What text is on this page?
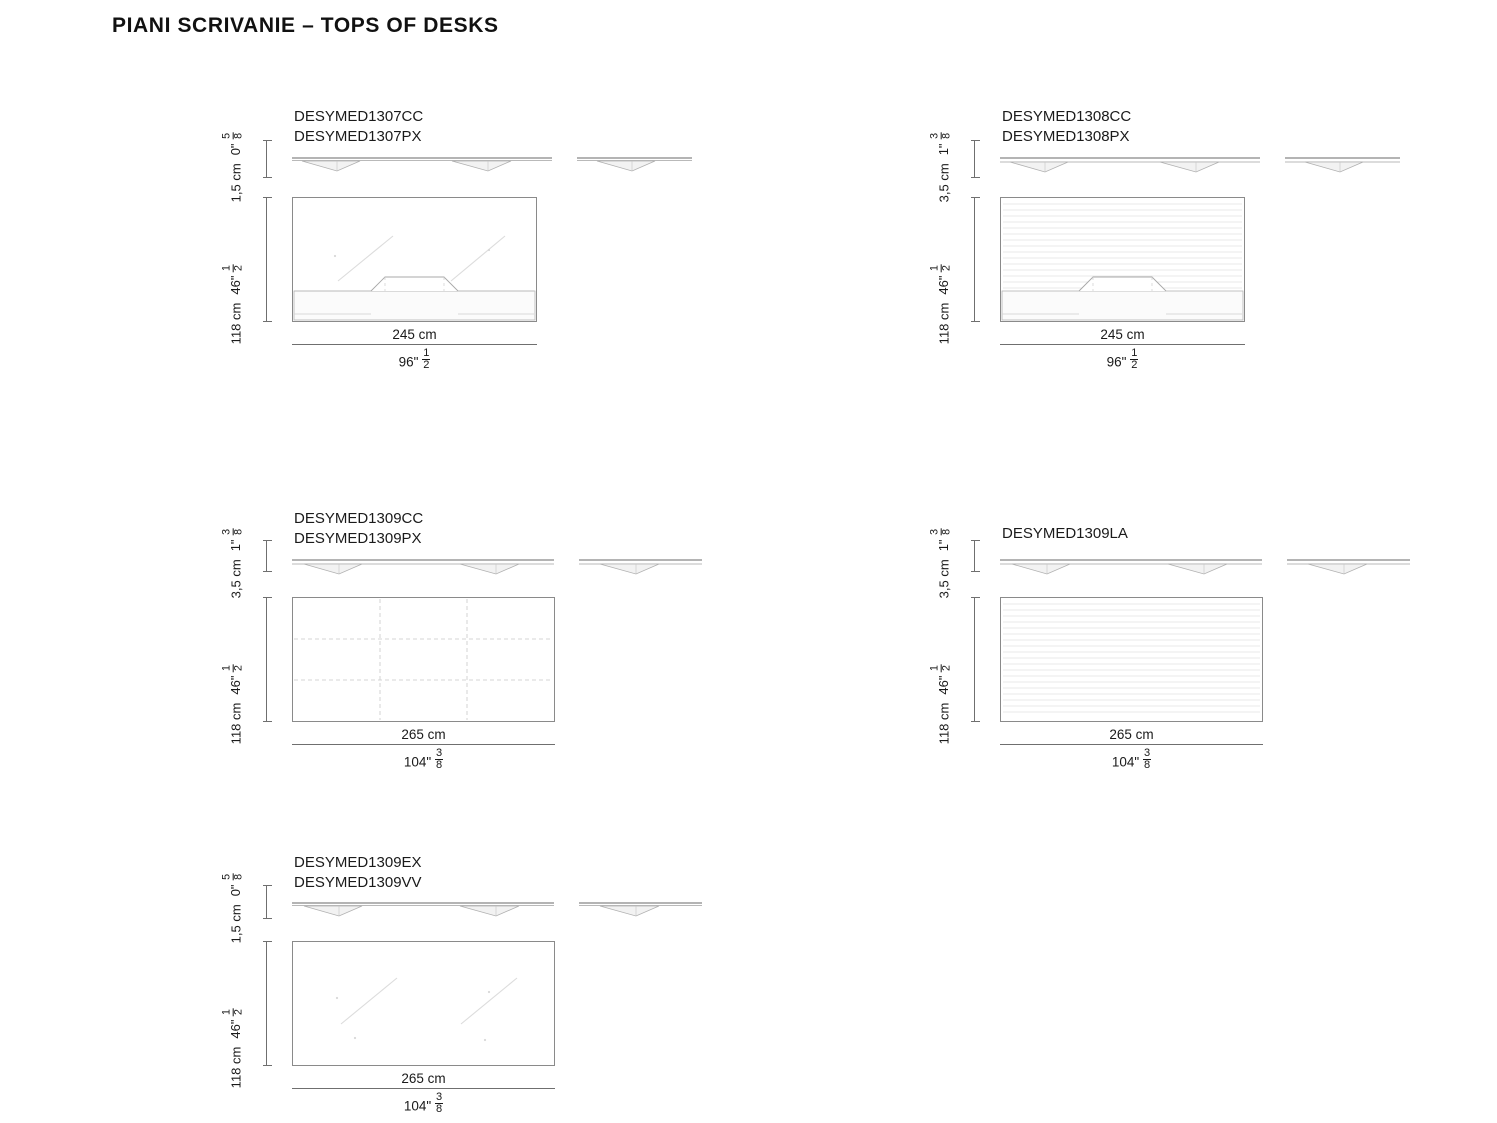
PIANI SCRIVANIE – TOPS OF DESKS
DESYMED1307CC
DESYMED1307PX
1,5 cm
0"
5 8
118 cm
46"
1 2
245 cm
96" $\frac{1}{2}$
DESYMED1308CC
DESYMED1308PX
3,5 cm
1"
3 8
118 cm
46"
1 2
245 cm
96" $\frac{1}{2}$
DESYMED1309CC
DESYMED1309PX
3,5 cm
1"
3 8
118 cm
46"
1 2
265 cm
104" $\frac{3}{8}$
DESYMED1309LA
3,5 cm
1"
3 8
118 cm
46"
1 2
265 cm
104" $\frac{3}{8}$
DESYMED1309EX
DESYMED1309VV
1,5 cm
0"
5 8
118 cm
46"
1 2
265 cm
104" $\frac{3}{8}$
